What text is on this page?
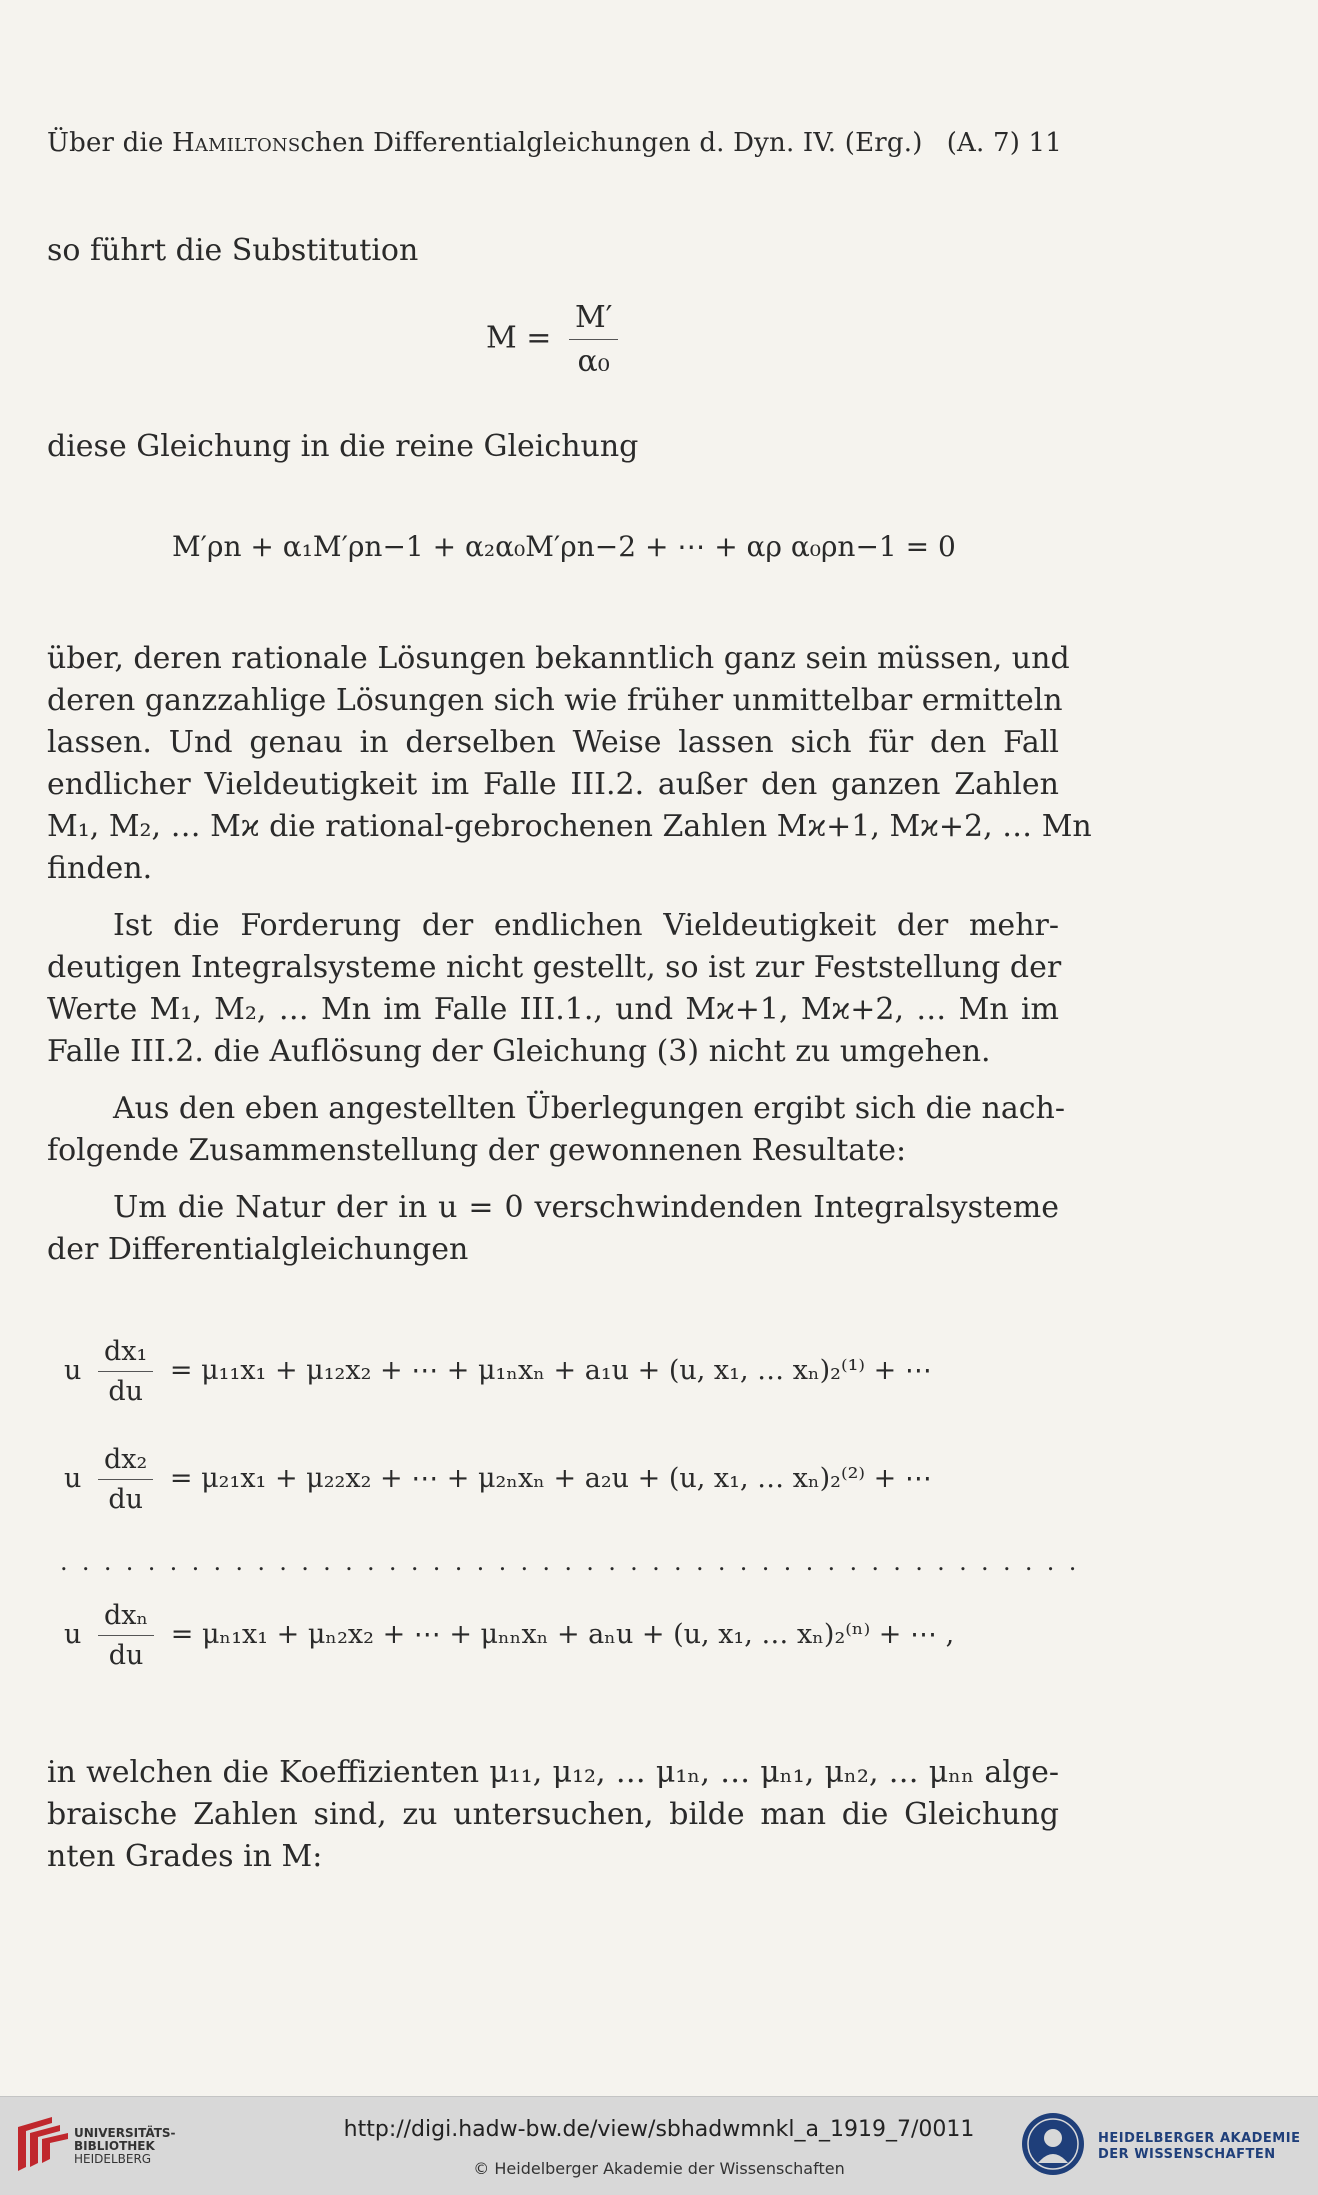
Über die Hamiltonschen Differentialgleichungen d. Dyn. IV. (Erg.) (A. 7) 11
so führt die Substitution
$M = \frac{M'}{\text{α₀}}$
diese Gleichung in die reine Gleichung
M′ρn + α₁M′ρn−1 + α₂α₀M′ρn−2 + ⋯ + αρ α₀ρn−1 = 0
über, deren rationale Lösungen bekanntlich ganz sein müssen, und
deren ganzzahlige Lösungen sich wie früher unmittelbar ermitteln
lassen. Und genau in derselben Weise lassen sich für den Fall
endlicher Vieldeutigkeit im Falle III.2. außer den ganzen Zahlen
M₁, M₂, … Mϰ die rational-gebrochenen Zahlen Mϰ+1, Mϰ+2, … Mn
finden.
Ist die Forderung der endlichen Vieldeutigkeit der mehr-
deutigen Integralsysteme nicht gestellt, so ist zur Feststellung der
Werte M₁, M₂, … Mn im Falle III.1., und Mϰ+1, Mϰ+2, … Mn im
Falle III.2. die Auflösung der Gleichung (3) nicht zu umgehen.
Aus den eben angestellten Überlegungen ergibt sich die nach-
folgende Zusammenstellung der gewonnenen Resultate:
Um die Natur der in u = 0 verschwindenden Integralsysteme
der Differentialgleichungen
u $\frac{\text{dx₁}}{du} = \mu_{11}x_1 + \mu_{12}x_2$ + ⋯ + μ₁ₙxₙ + a₁u + (u, x₁, … xₙ)₂⁽¹⁾ + ⋯
u $\frac{\text{dx₂}}{du} = \mu_{21}x_1 + \mu_{22}x_2$ + ⋯ + μ₂ₙxₙ + a₂u + (u, x₁, … xₙ)₂⁽²⁾ + ⋯
...............................................
u $\frac{\text{dxₙ}}{du} = \mu_{n1}x_1 + \mu_{n2}x_2$ + ⋯ + μₙₙxₙ + aₙu + (u, x₁, … xₙ)₂⁽ⁿ⁾ + ⋯ ,
in welchen die Koeffizienten μ₁₁, μ₁₂, … μ₁ₙ, … μₙ₁, μₙ₂, … μₙₙ alge-
braische Zahlen sind, zu untersuchen, bilde man die Gleichung
nten Grades in M:
UNIVERSITÄTS-
BIBLIOTHEK
HEIDELBERG
http://digi.hadw-bw.de/view/sbhadwmnkl_a_1919_7/0011
© Heidelberger Akademie der Wissenschaften
HEIDELBERGER AKADEMIE
DER WISSENSCHAFTEN
